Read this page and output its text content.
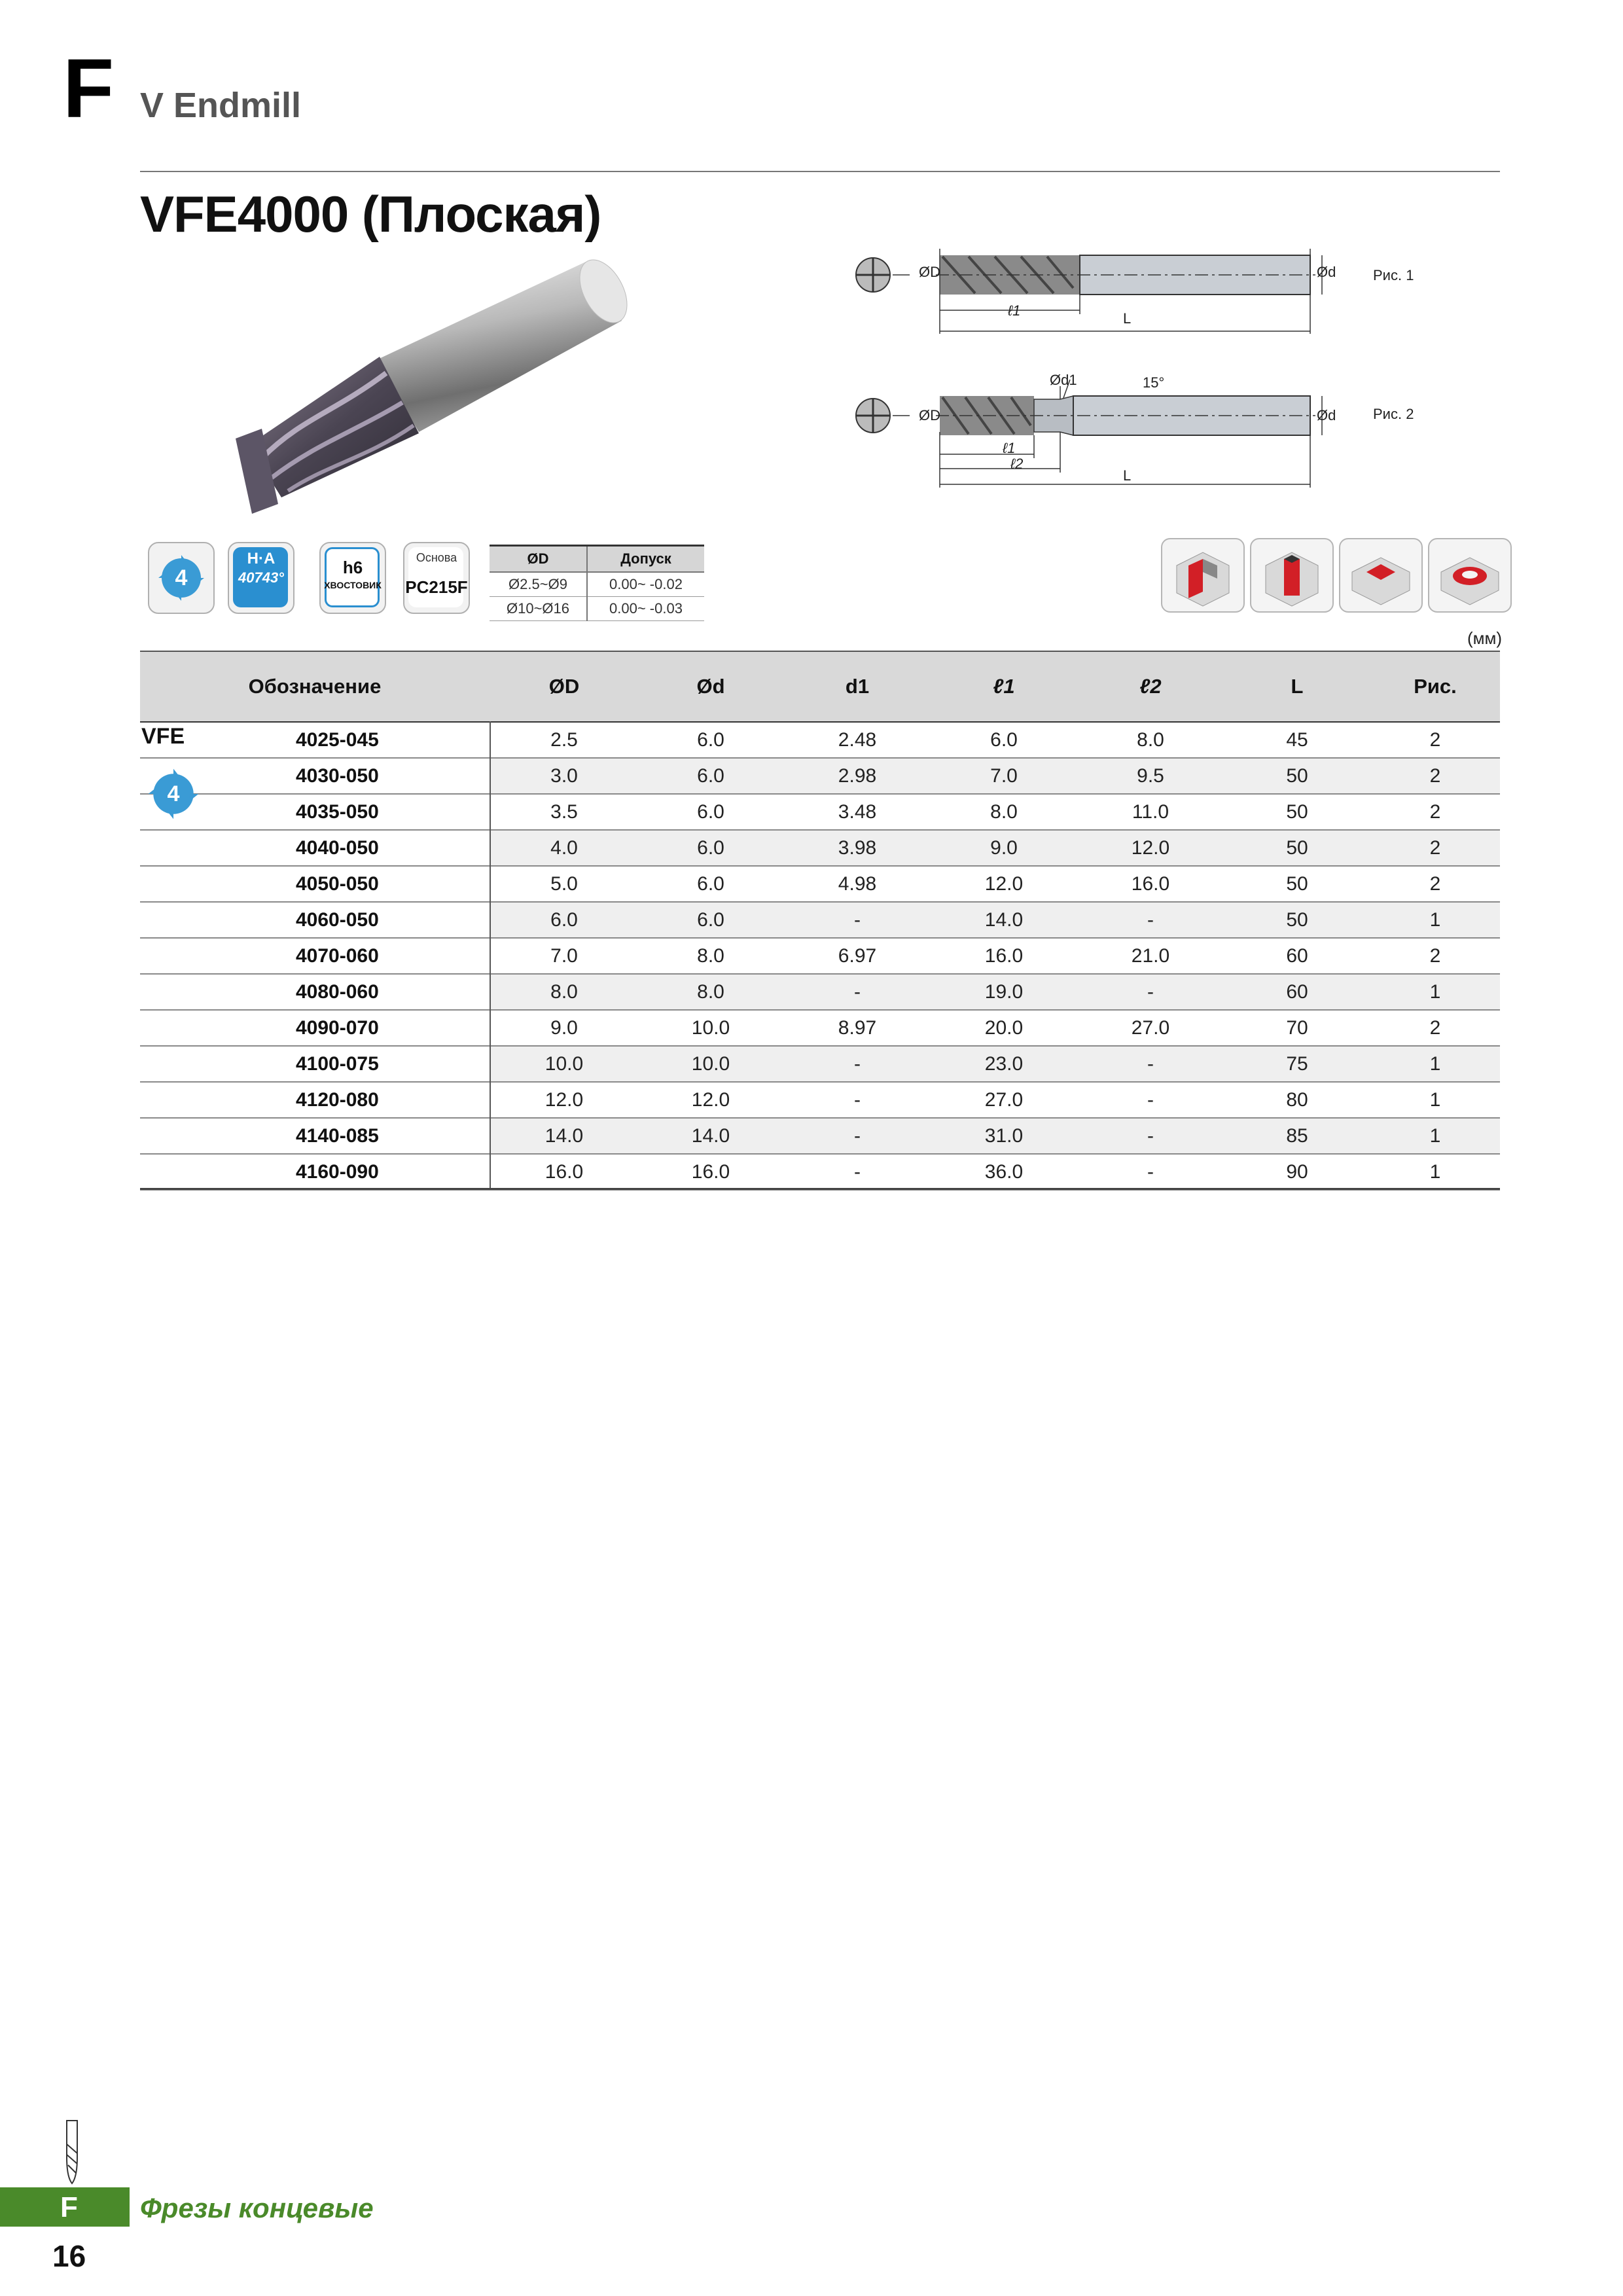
F V Endmill
VFE4000 (Плоская)
ØD	Ød
ℓ1	L
Рис. 1
Ød1	15°
ØD	Ød
ℓ1
ℓ2
L
Рис. 2
4
H·A
40743°
h6
ХВОСТОВИК
Основа
PC215F
ØD	Допуск
Ø2.5~Ø9	0.00~ -0.02
Ø10~Ø16	0.00~ -0.03
(мм)
Обозначение	ØD	Ød	d1	ℓ1	ℓ2	L	Рис.
4025-045	2.5	6.0	2.48	6.0	8.0	45	2
4030-050	3.0	6.0	2.98	7.0	9.5	50	2
4035-050	3.5	6.0	3.48	8.0	11.0	50	2
4040-050	4.0	6.0	3.98	9.0	12.0	50	2
4050-050	5.0	6.0	4.98	12.0	16.0	50	2
4060-050	6.0	6.0	-	14.0	-	50	1
4070-060	7.0	8.0	6.97	16.0	21.0	60	2
4080-060	8.0	8.0	-	19.0	-	60	1
4090-070	9.0	10.0	8.97	20.0	27.0	70	2
4100-075	10.0	10.0	-	23.0	-	75	1
4120-080	12.0	12.0	-	27.0	-	80	1
4140-085	14.0	14.0	-	31.0	-	85	1
4160-090	16.0	16.0	-	36.0	-	90	1
VFE
4
F Фрезы концевые
16
